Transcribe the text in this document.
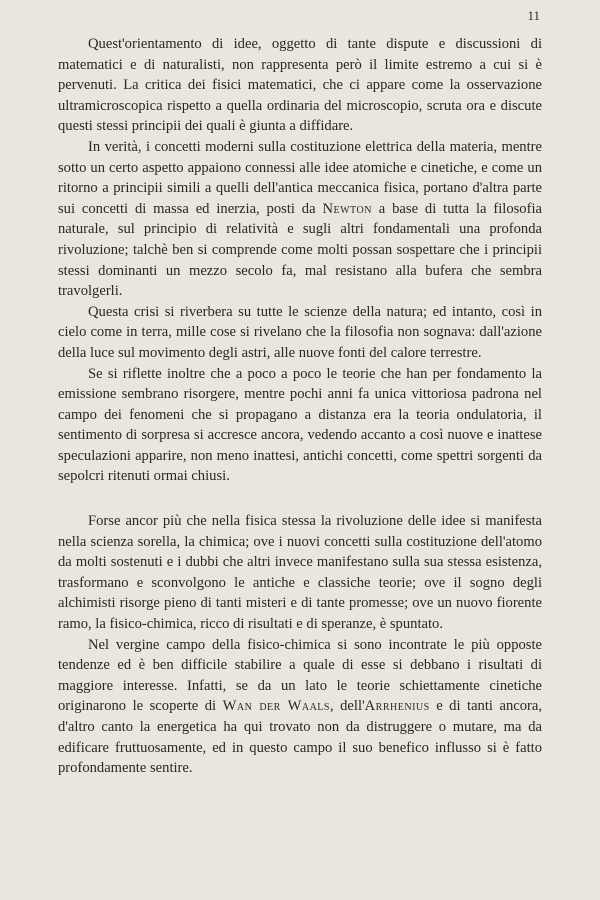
11

Quest'orientamento di idee, oggetto di tante dispute e discussioni di matematici e di naturalisti, non rappresenta però il limite estremo a cui si è pervenuti. La critica dei fisici matematici, che ci appare come la osservazione ultramicroscopica rispetto a quella ordinaria del microscopio, scruta ora e discute questi stessi principii dei quali è giunta a diffidare.

In verità, i concetti moderni sulla costituzione elettrica della materia, mentre sotto un certo aspetto appaiono connessi alle idee atomiche e cinetiche, e come un ritorno a principii simili a quelli dell'antica meccanica fisica, portano d'altra parte sui concetti di massa ed inerzia, posti da Newton a base di tutta la filosofia naturale, sul principio di relatività e sugli altri fondamentali una profonda rivoluzione; talchè ben si comprende come molti possan sospettare che i principii stessi dominanti un mezzo secolo fa, mal resistano alla bufera che sembra travolgerli.

Questa crisi si riverbera su tutte le scienze della natura; ed intanto, così in cielo come in terra, mille cose si rivelano che la filosofia non sognava: dall'azione della luce sul movimento degli astri, alle nuove fonti del calore terrestre.

Se si riflette inoltre che a poco a poco le teorie che han per fondamento la emissione sembrano risorgere, mentre pochi anni fa unica vittoriosa padrona nel campo dei fenomeni che si propagano a distanza era la teoria ondulatoria, il sentimento di sorpresa si accresce ancora, vedendo accanto a così nuove e inattese speculazioni apparire, non meno inattesi, antichi concetti, come spettri sorgenti da sepolcri ritenuti ormai chiusi.

Forse ancor più che nella fisica stessa la rivoluzione delle idee si manifesta nella scienza sorella, la chimica; ove i nuovi concetti sulla costituzione dell'atomo da molti sostenuti e i dubbi che altri invece manifestano sulla sua stessa esistenza, trasformano e sconvolgono le antiche e classiche teorie; ove il sogno degli alchimisti risorge pieno di tanti misteri e di tante promesse; ove un nuovo fiorente ramo, la fisico-chimica, ricco di risultati e di speranze, è spuntato.

Nel vergine campo della fisico-chimica si sono incontrate le più opposte tendenze ed è ben difficile stabilire a quale di esse si debbano i risultati di maggiore interesse. Infatti, se da un lato le teorie schiettamente cinetiche originarono le scoperte di Wan der Waals, dell'Arrhenius e di tanti ancora, d'altro canto la energetica ha qui trovato non da distruggere o mutare, ma da edificare fruttuosamente, ed in questo campo il suo benefico influsso si è fatto profondamente sentire.
